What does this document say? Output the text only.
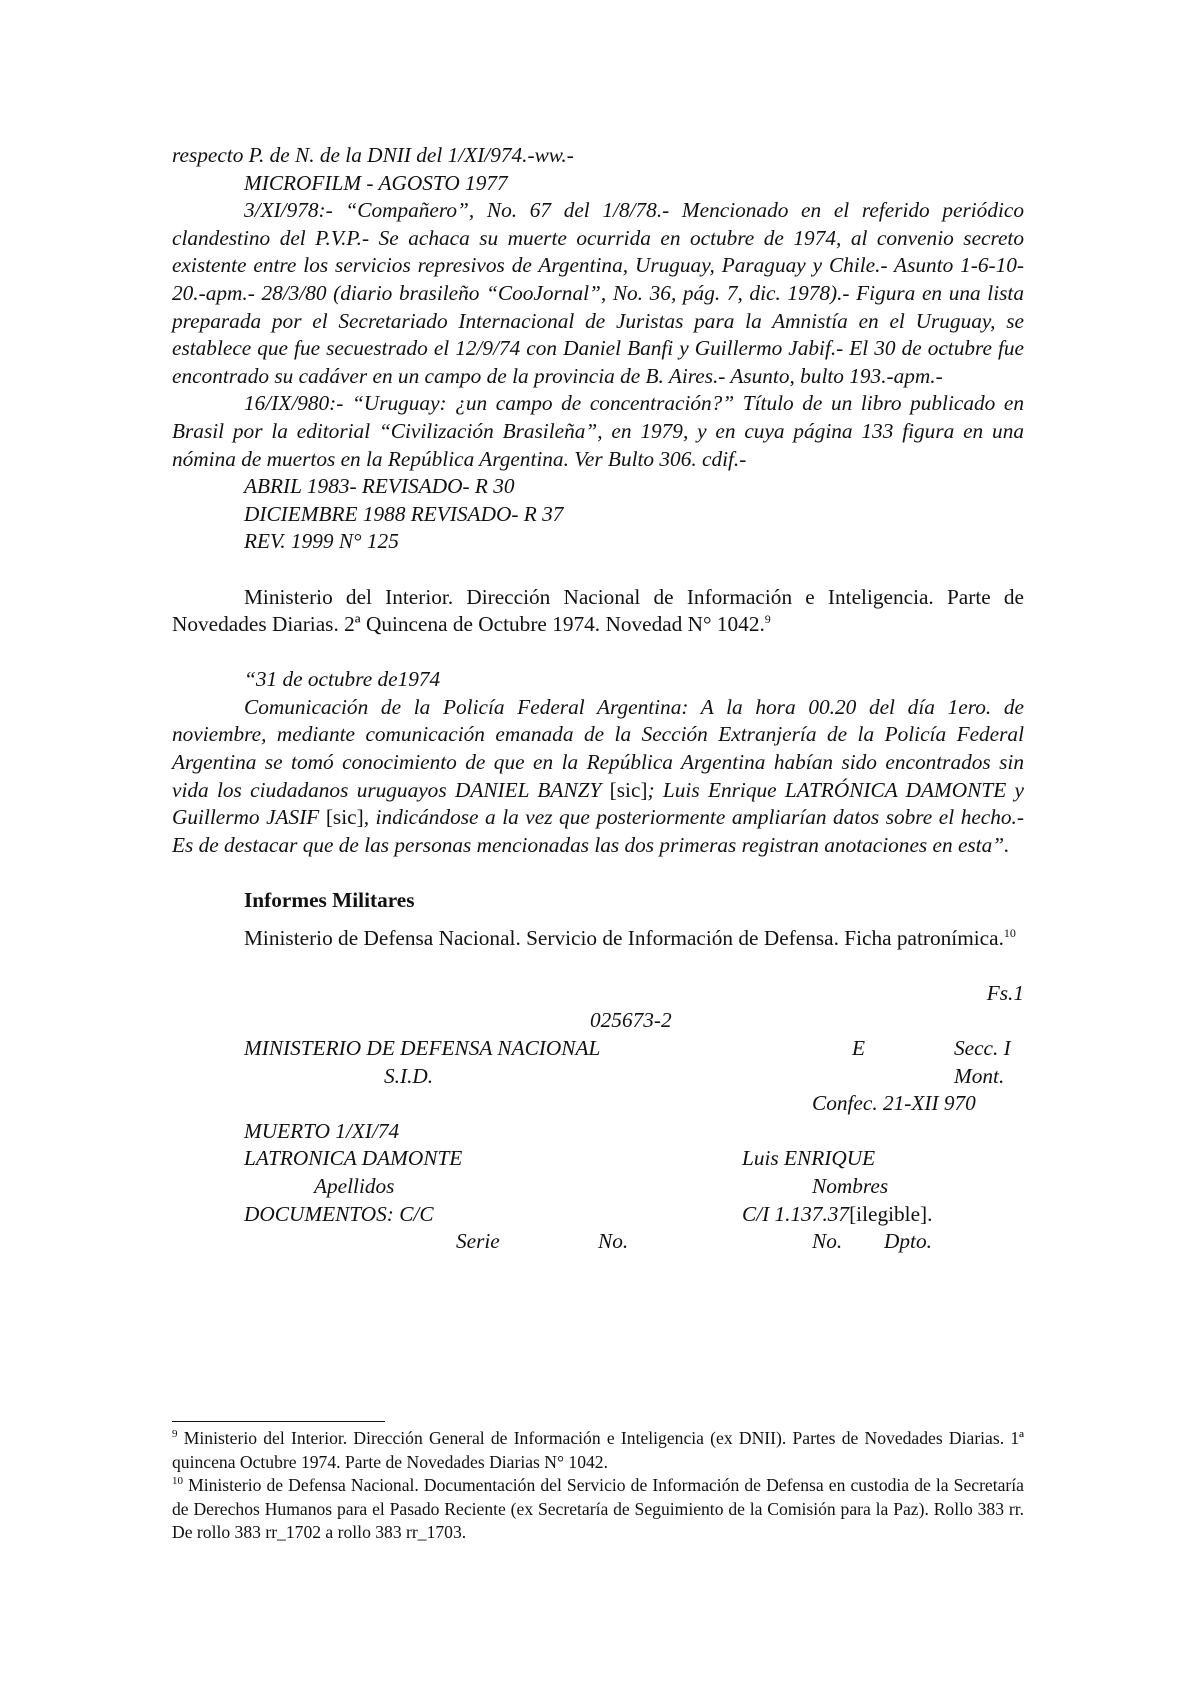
respecto P. de N. de la DNII del 1/XI/974.-ww.-
MICROFILM - AGOSTO 1977
3/XI/978:- “Compañero”, No. 67 del 1/8/78.- Mencionado en el referido periódico clandestino del P.V.P.- Se achaca su muerte ocurrida en octubre de 1974, al convenio secreto existente entre los servicios represivos de Argentina, Uruguay, Paraguay y Chile.- Asunto 1-6-10-20.-apm.- 28/3/80 (diario brasileño “CooJornal”, No. 36, pág. 7, dic. 1978).- Figura en una lista preparada por el Secretariado Internacional de Juristas para la Amnistía en el Uruguay, se establece que fue secuestrado el 12/9/74 con Daniel Banfi y Guillermo Jabif.- El 30 de octubre fue encontrado su cadáver en un campo de la provincia de B. Aires.- Asunto, bulto 193.-apm.-
16/IX/980:- “Uruguay: ¿un campo de concentración?” Título de un libro publicado en Brasil por la editorial “Civilización Brasileña”, en 1979, y en cuya página 133 figura en una nómina de muertos en la República Argentina. Ver Bulto 306. cdif.-
ABRIL 1983- REVISADO- R 30
DICIEMBRE 1988 REVISADO- R 37
REV. 1999 N° 125
Ministerio del Interior. Dirección Nacional de Información e Inteligencia. Parte de Novedades Diarias. 2ª Quincena de Octubre 1974. Novedad N° 1042.$^9$
“31 de octubre de1974
Comunicación de la Policía Federal Argentina: A la hora 00.20 del día 1ero. de noviembre, mediante comunicación emanada de la Sección Extranjería de la Policía Federal Argentina se tomó conocimiento de que en la República Argentina habían sido encontrados sin vida los ciudadanos uruguayos DANIEL BANZY [sic]; Luis Enrique LATRÓNICA DAMONTE y Guillermo JASIF [sic], indicándose a la vez que posteriormente ampliarían datos sobre el hecho.- Es de destacar que de las personas mencionadas las dos primeras registran anotaciones en esta”.
Informes Militares
Ministerio de Defensa Nacional. Servicio de Información de Defensa. Ficha patronímica.$^{10}$
Fs.1
025673-2
MINISTERIO DE DEFENSA NACIONAL	E	Secc. I
S.I.D.	Mont.
Confec. 21-XII 970
MUERTO 1/XI/74
LATRONICA DAMONTE	Luis ENRIQUE
Apellidos	Nombres
DOCUMENTOS: C/C	C/I 1.137.37[ilegible].
Serie	No.	No. Dpto.
$^9$ Ministerio del Interior. Dirección General de Información e Inteligencia (ex DNII). Partes de Novedades Diarias. 1ª quincena Octubre 1974. Parte de Novedades Diarias N° 1042.
$^{10}$ Ministerio de Defensa Nacional. Documentación del Servicio de Información de Defensa en custodia de la Secretaría de Derechos Humanos para el Pasado Reciente (ex Secretaría de Seguimiento de la Comisión para la Paz). Rollo 383 rr. De rollo 383 rr_1702 a rollo 383 rr_1703.
